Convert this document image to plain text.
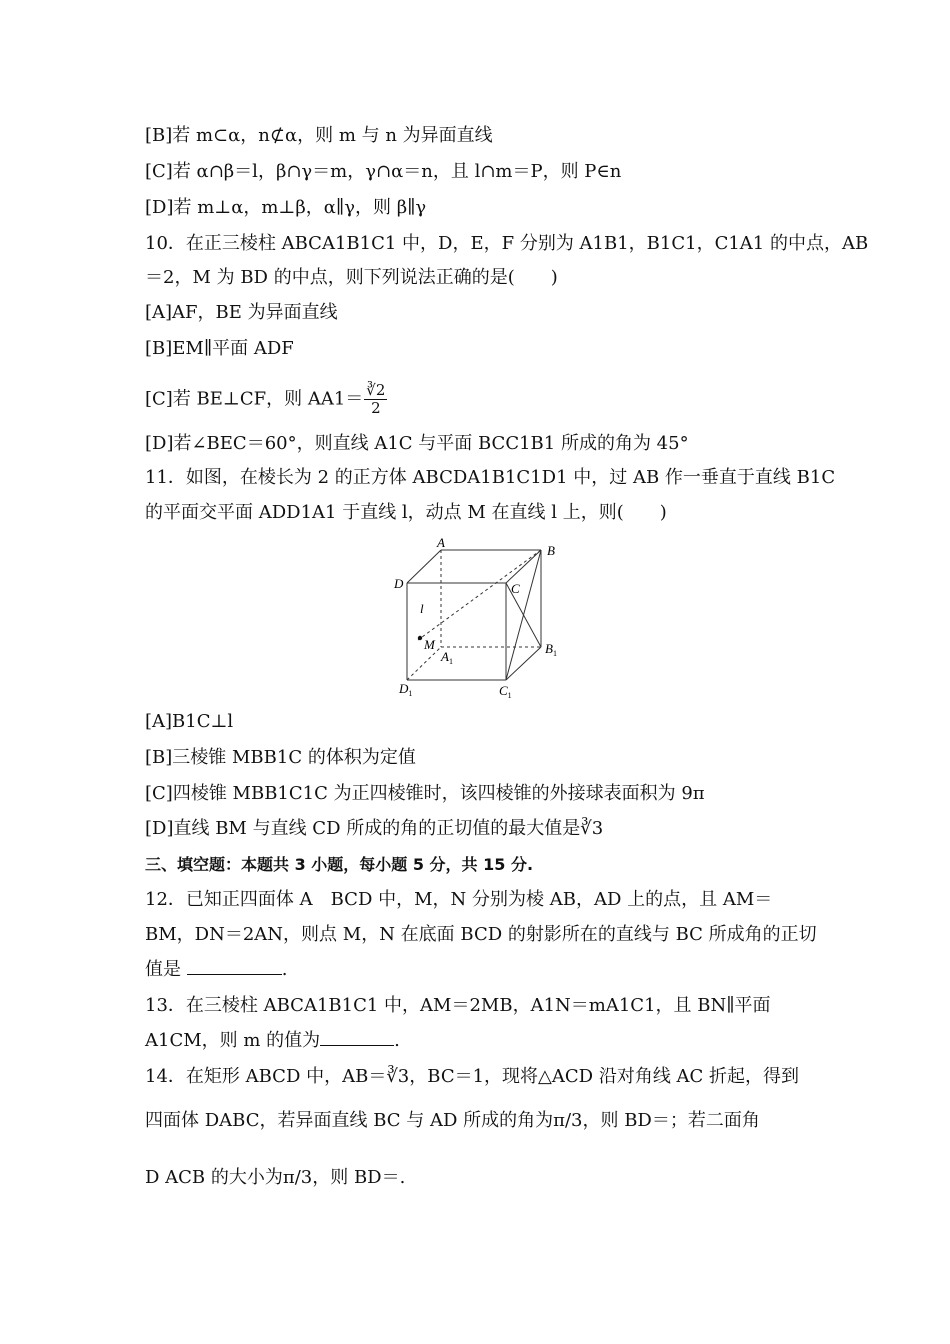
[B]若 m⊂α，n⊄α，则 m 与 n 为异面直线
[C]若 α∩β＝l，β∩γ＝m，γ∩α＝n，且 l∩m＝P，则 P∈n
[D]若 m⊥α，m⊥β，α∥γ，则 β∥γ
10．在正三棱柱 ABCA1B1C1 中，D，E，F 分别为 A1B1，B1C1，C1A1 的中点，AB
＝2，M 为 BD 的中点，则下列说法正确的是(　　)
[A]AF，BE 为异面直线
[B]EM∥平面 ADF
[C]若 BE⊥CF，则 $AA1= \frac{∛2}{2}$
[D]若∠BEC＝60°，则直线 A1C 与平面 BCC1B1 所成的角为 45°
11．如图，在棱长为 2 的正方体 ABCDA1B1C1D1 中，过 AB 作一垂直于直线 B1C
的平面交平面 ADD1A1 于直线 l，动点 M 在直线 l 上，则(　　)
A
B
D	C
l
M
$A_1$
$B_1$
$C_1$
$D_1$
[A]B1C⊥l
[B]三棱锥 MBB1C 的体积为定值
[C]四棱锥 MBB1C1C 为正四棱锥时，该四棱锥的外接球表面积为 9π
[D]直线 BM 与直线 CD 所成的角的正切值的最大值是∛3
三、填空题：本题共 3 小题，每小题 5 分，共 15 分.
12．已知正四面体 A　BCD 中，M，N 分别为棱 AB，AD 上的点，且 AM＝
BM，DN＝2AN，则点 M，N 在底面 BCD 的射影所在的直线与 BC 所成角的正切
值是	.
13．在三棱柱 ABCA1B1C1 中，AM＝2MB，A1N＝mA1C1，且 BN∥平面
A1CM，则 m 的值为	.
14．在矩形 ABCD 中，AB＝∛3，BC＝1，现将△ACD 沿对角线 AC 折起，得到
四面体 DABC，若异面直线 BC 与 AD 所成的角为π/3，则 BD＝；若二面角
D ACB 的大小为π/3，则 BD＝.
